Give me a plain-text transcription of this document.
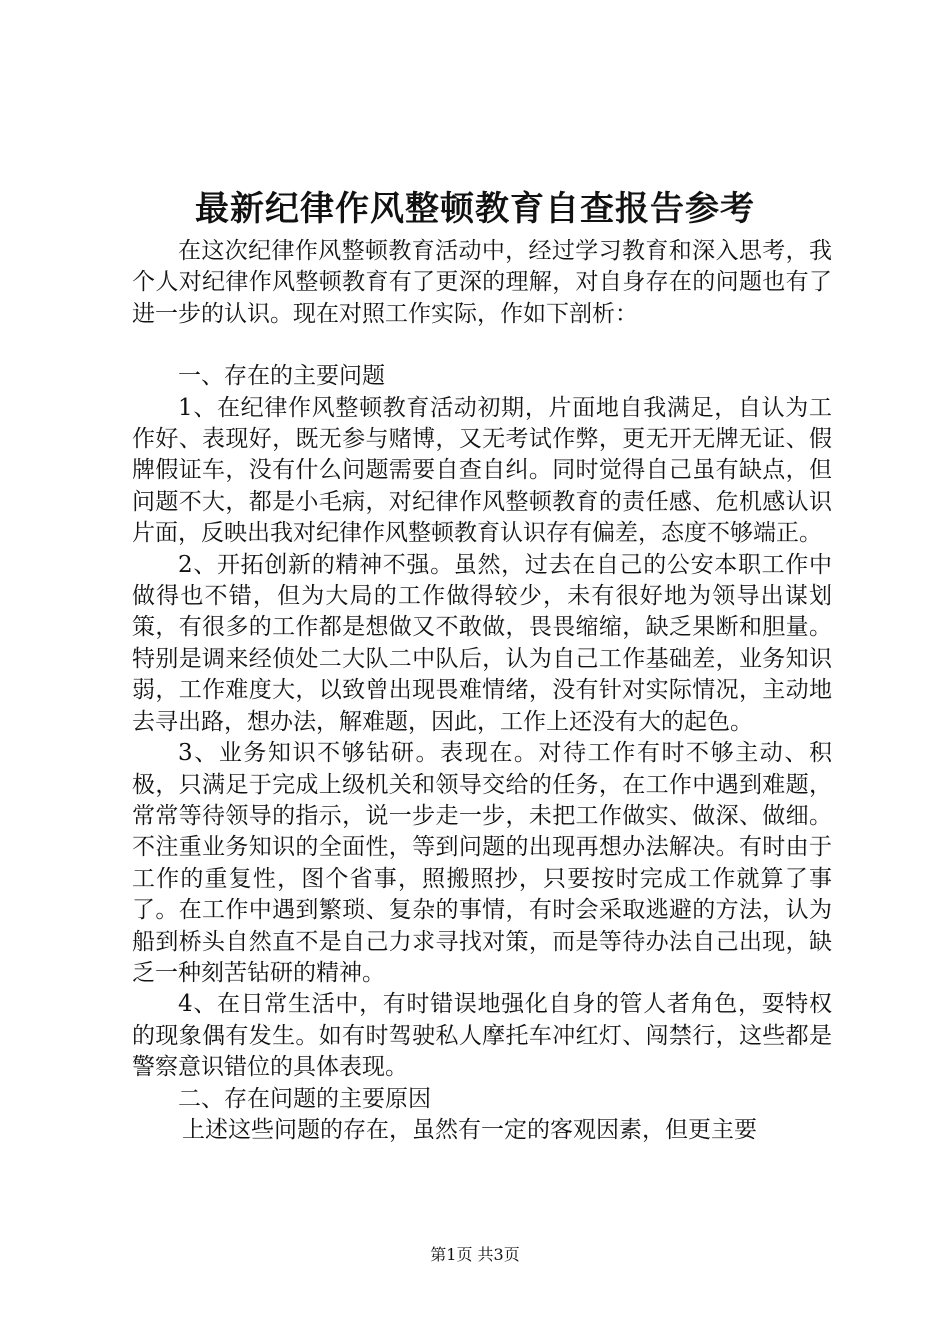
最新纪律作风整顿教育自查报告参考

在这次纪律作风整顿教育活动中，经过学习教育和深入思考，我个人对纪律作风整顿教育有了更深的理解，对自身存在的问题也有了进一步的认识。现在对照工作实际，作如下剖析：

一、存在的主要问题

1、在纪律作风整顿教育活动初期，片面地自我满足，自认为工作好、表现好，既无参与赌博，又无考试作弊，更无开无牌无证、假牌假证车，没有什么问题需要自查自纠。同时觉得自己虽有缺点，但问题不大，都是小毛病，对纪律作风整顿教育的责任感、危机感认识片面，反映出我对纪律作风整顿教育认识存有偏差，态度不够端正。

2、开拓创新的精神不强。虽然，过去在自己的公安本职工作中做得也不错，但为大局的工作做得较少，未有很好地为领导出谋划策，有很多的工作都是想做又不敢做，畏畏缩缩，缺乏果断和胆量。特别是调来经侦处二大队二中队后，认为自己工作基础差，业务知识弱，工作难度大，以致曾出现畏难情绪，没有针对实际情况，主动地去寻出路，想办法，解难题，因此，工作上还没有大的起色。

3、业务知识不够钻研。表现在。对待工作有时不够主动、积极，只满足于完成上级机关和领导交给的任务，在工作中遇到难题，常常等待领导的指示，说一步走一步，未把工作做实、做深、做细。不注重业务知识的全面性，等到问题的出现再想办法解决。有时由于工作的重复性，图个省事，照搬照抄，只要按时完成工作就算了事了。在工作中遇到繁琐、复杂的事情，有时会采取逃避的方法，认为船到桥头自然直不是自己力求寻找对策，而是等待办法自己出现，缺乏一种刻苦钻研的精神。

4、在日常生活中，有时错误地强化自身的管人者角色，耍特权的现象偶有发生。如有时驾驶私人摩托车冲红灯、闯禁行，这些都是警察意识错位的具体表现。

二、存在问题的主要原因

上述这些问题的存在，虽然有一定的客观因素，但更主要

第1页 共3页
